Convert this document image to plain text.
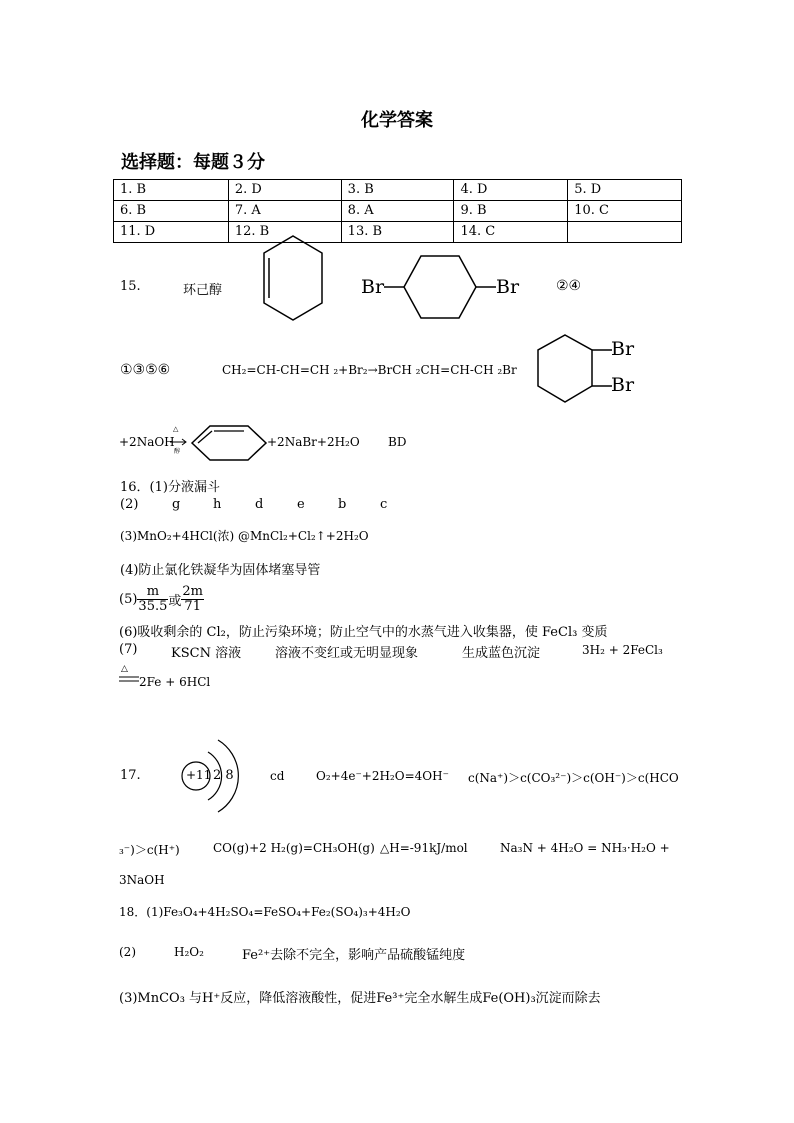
化学答案
选择题：每题３分
1. B	2. D	3. B	4. D	5. D
6. B	7. A	8. A	9. B	10. C
11. D	12. B	13. B	14. C	
15.	环己醇	Br	Br	②④
①③⑤⑥	CH₂=CH-CH=CH ₂+Br₂→BrCH ₂CH=CH-CH ₂Br
Br
Br
+2NaOH
△
醇
+2NaBr+2H₂O BD
16．(1)分液漏斗
(2)	g	h	d	e	b	c
(3)MnO₂+4HCl(浓) @MnCl₂+Cl₂↑+2H₂O
(4)防止氯化铁凝华为固体堵塞导管
$(5) \frac{m}{35.5}$ 或 $\frac{2m}{71}$
(6)吸收剩余的 Cl₂，防止污染环境；防止空气中的水蒸气进入收集器，使 FeCl₃ 变质
(7)	KSCN 溶液	溶液不变红或无明显现象	生成蓝色沉淀	3H₂ + 2FeCl₃
△
2Fe + 6HCl
17.	+11 2 8	cd	O₂+4e⁻+2H₂O=4OH⁻ c(Na⁺)＞c(CO₃²⁻)＞c(OH⁻)＞c(HCO
₃⁻)＞c(H⁺)	CO(g)+2 H₂(g)=CH₃OH(g) △H=-91kJ/mol	Na₃N + 4H₂O = NH₃·H₂O +
3NaOH
18．(1)Fe₃O₄+4H₂SO₄=FeSO₄+Fe₂(SO₄)₃+4H₂O
(2)	H₂O₂	Fe²⁺去除不完全，影响产品硫酸锰纯度
(3)MnCO₃ 与H⁺反应，降低溶液酸性，促进Fe³⁺完全水解生成Fe(OH)₃沉淀而除去
